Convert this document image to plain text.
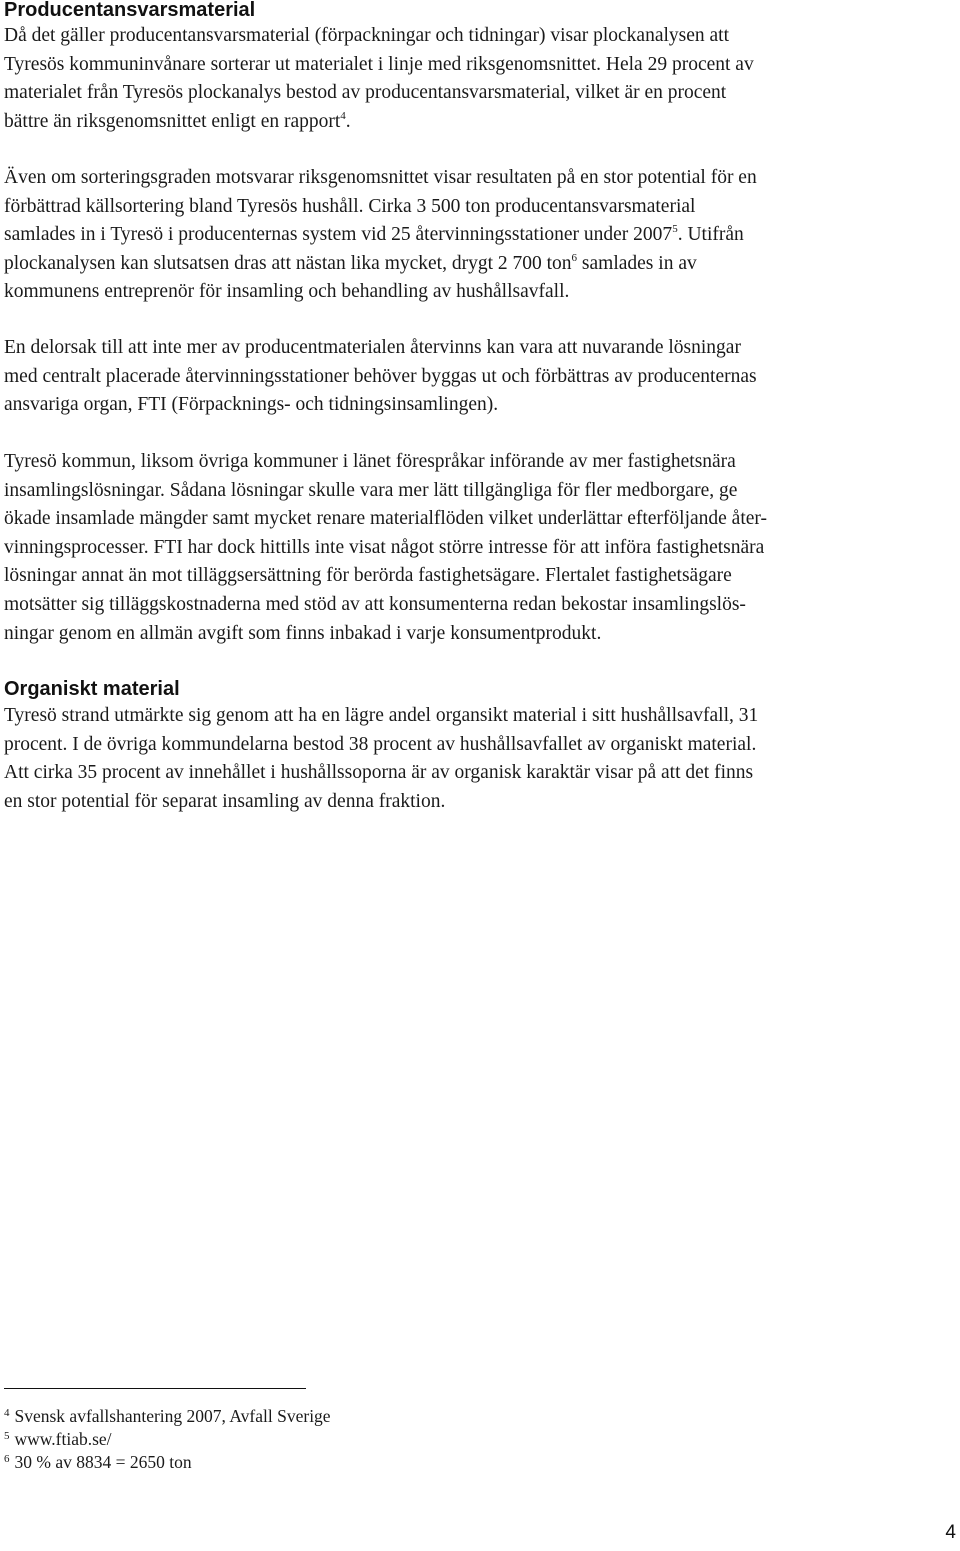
Producentansvarsmaterial

Då det gäller producentansvarsmaterial (förpackningar och tidningar) visar plockanalysen att
Tyresös kommuninvånare sorterar ut materialet i linje med riksgenomsnittet. Hela 29 procent av
materialet från Tyresös plockanalys bestod av producentansvarsmaterial, vilket är en procent
bättre än riksgenomsnittet enligt en rapport$^4$.

Även om sorteringsgraden motsvarar riksgenomsnittet visar resultaten på en stor potential för en
förbättrad källsortering bland Tyresös hushåll. Cirka 3 500 ton producentansvarsmaterial
samlades in i Tyresö i producenternas system vid 25 återvinningsstationer under 2007$^5$. Utifrån
plockanalysen kan slutsatsen dras att nästan lika mycket, drygt 2 700 ton$^6$ samlades in av
kommunens entreprenör för insamling och behandling av hushållsavfall.

En delorsak till att inte mer av producentmaterialen återvinns kan vara att nuvarande lösningar
med centralt placerade återvinningsstationer behöver byggas ut och förbättras av producenternas
ansvariga organ, FTI (Förpacknings- och tidningsinsamlingen).

Tyresö kommun, liksom övriga kommuner i länet förespråkar införande av mer fastighetsnära
insamlingslösningar. Sådana lösningar skulle vara mer lätt tillgängliga för fler medborgare, ge
ökade insamlade mängder samt mycket renare materialflöden vilket underlättar efterföljande åter-
vinningsprocesser. FTI har dock hittills inte visat något större intresse för att införa fastighetsnära
lösningar annat än mot tilläggsersättning för berörda fastighetsägare. Flertalet fastighetsägare
motsätter sig tilläggskostnaderna med stöd av att konsumenterna redan bekostar insamlingslös-
ningar genom en allmän avgift som finns inbakad i varje konsumentprodukt.

Organiskt material

Tyresö strand utmärkte sig genom att ha en lägre andel organsikt material i sitt hushållsavfall, 31
procent. I de övriga kommundelarna bestod 38 procent av hushållsavfallet av organiskt material.
Att cirka 35 procent av innehållet i hushållssoporna är av organisk karaktär visar på att det finns
en stor potential för separat insamling av denna fraktion.

$^4$ Svensk avfallshantering 2007, Avfall Sverige

$^5$ www.ftiab.se/

$^6$ 30 % av 8834 = 2650 ton

4
